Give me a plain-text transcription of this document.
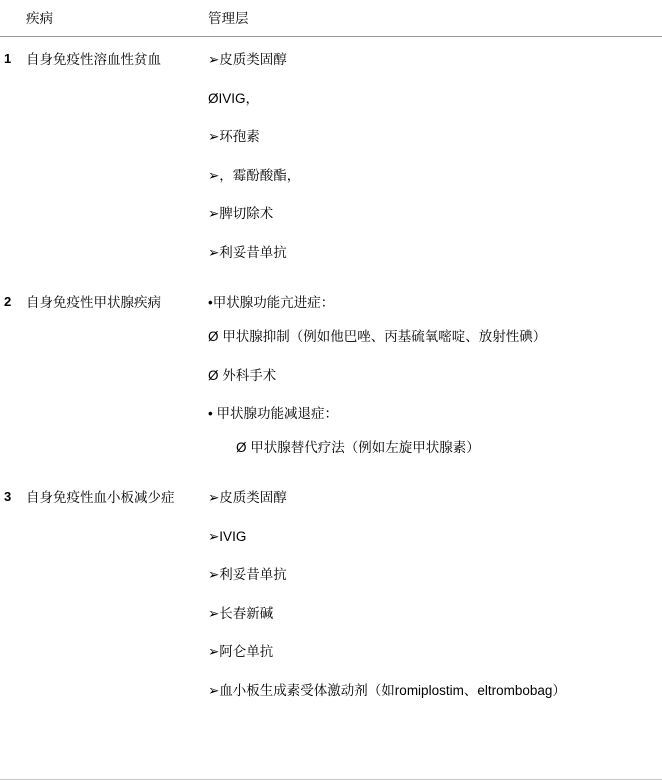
	疾病	管理层
1	自身免疫性溶血性贫血	➢皮质类固醇

ØIVIG，

➢环孢素

➢，霉酚酸酯，

➢脾切除术

➢利妥昔单抗

2	自身免疫性甲状腺疾病	•甲状腺功能亢进症：

Ø 甲状腺抑制（例如他巴唑、丙基硫氧嘧啶、放射性碘）

Ø 外科手术

• 甲状腺功能减退症：

Ø 甲状腺替代疗法（例如左旋甲状腺素）

3	自身免疫性血小板减少症	➢皮质类固醇

➢IVIG

➢利妥昔单抗

➢长春新碱

➢阿仑单抗

➢血小板生成素受体激动剂（如romiplostim、eltrombobag）
